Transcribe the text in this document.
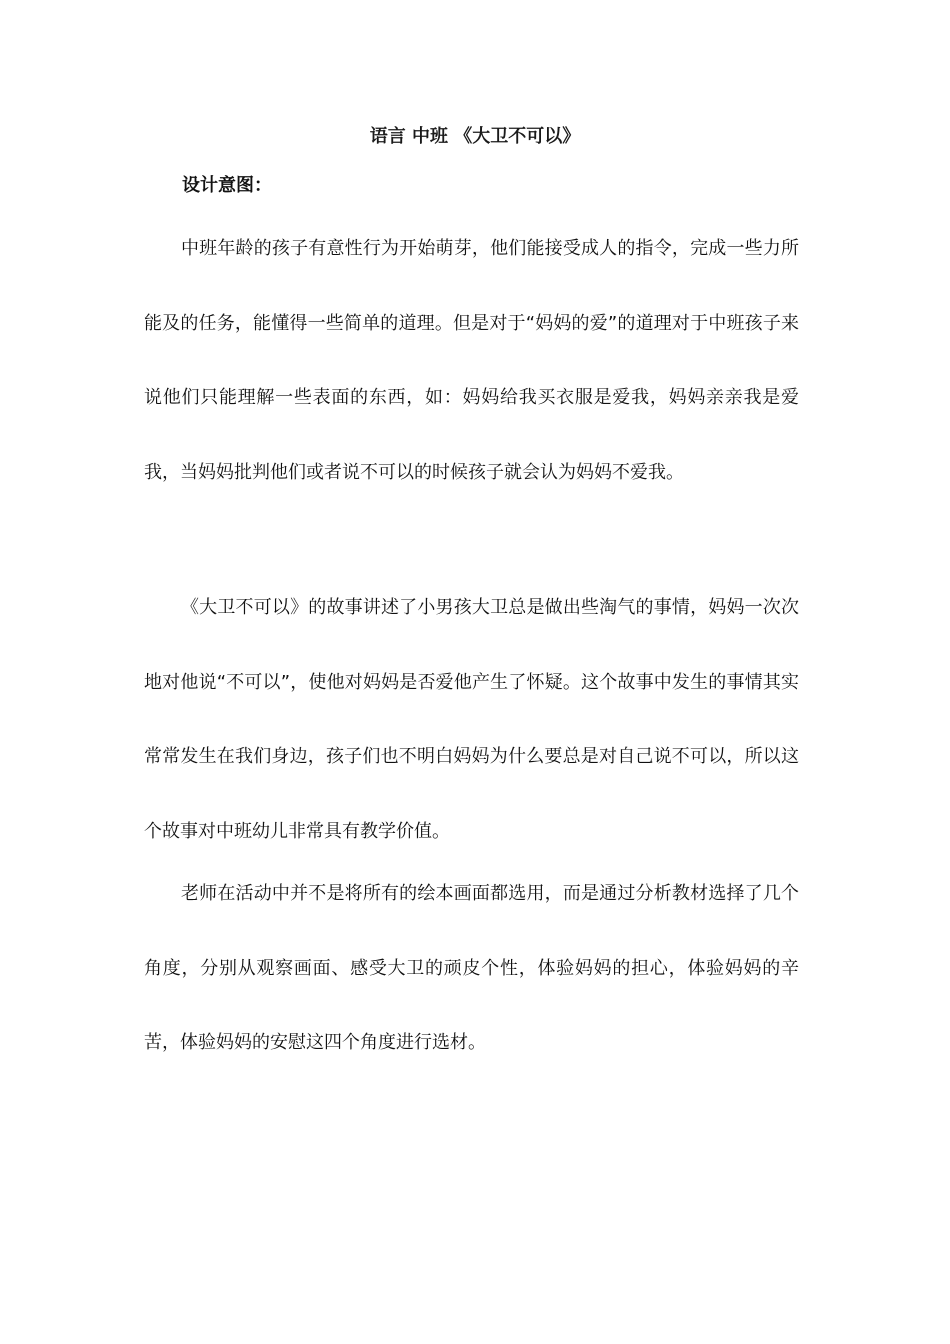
语言 中班 《大卫不可以》
设计意图：

中班年龄的孩子有意性行为开始萌芽，他们能接受成人的指令，完成一些力所能及的任务，能懂得一些简单的道理。但是对于“妈妈的爱”的道理对于中班孩子来说他们只能理解一些表面的东西，如：妈妈给我买衣服是爱我，妈妈亲亲我是爱我，当妈妈批判他们或者说不可以的时候孩子就会认为妈妈不爱我。

《大卫不可以》的故事讲述了小男孩大卫总是做出些淘气的事情，妈妈一次次地对他说“不可以”，使他对妈妈是否爱他产生了怀疑。这个故事中发生的事情其实常常发生在我们身边，孩子们也不明白妈妈为什么要总是对自己说不可以，所以这个故事对中班幼儿非常具有教学价值。

老师在活动中并不是将所有的绘本画面都选用，而是通过分析教材选择了几个角度，分别从观察画面、感受大卫的顽皮个性，体验妈妈的担心，体验妈妈的辛苦，体验妈妈的安慰这四个角度进行选材。
